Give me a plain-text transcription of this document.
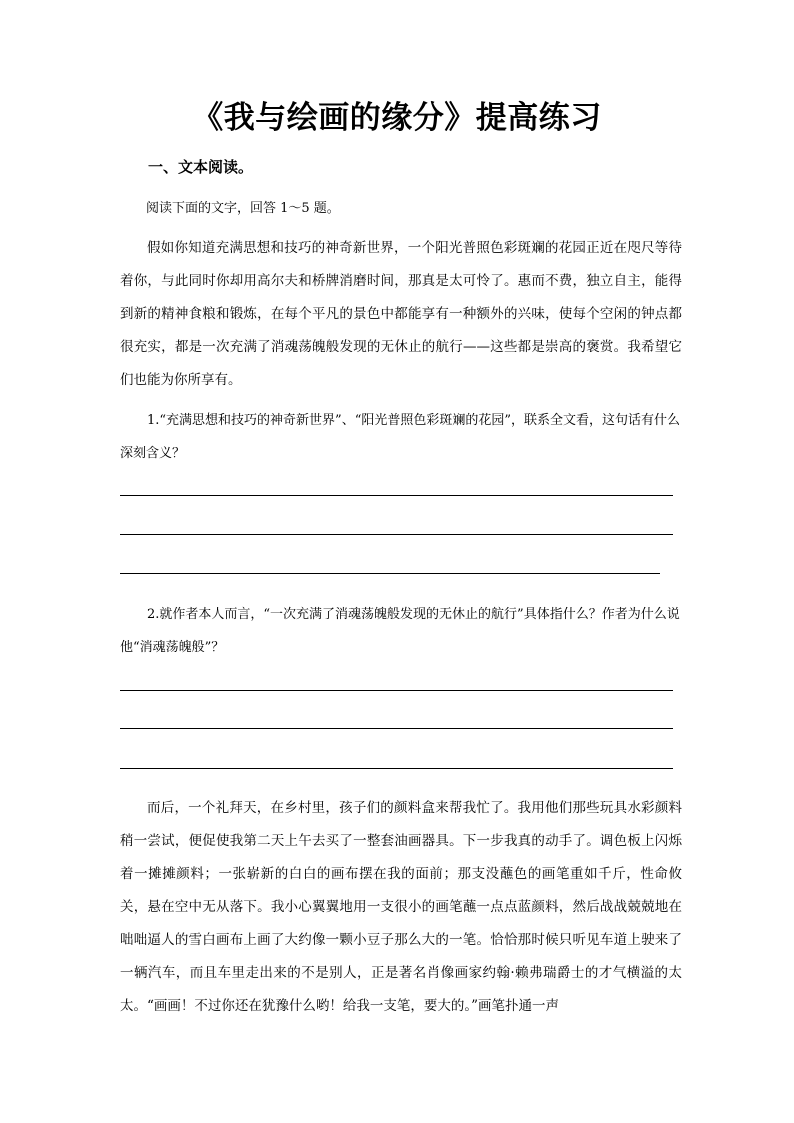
《我与绘画的缘分》提高练习
一、文本阅读。
阅读下面的文字，回答 1～5 题。

假如你知道充满思想和技巧的神奇新世界，一个阳光普照色彩斑斓的花园正近在咫尺等待着你，与此同时你却用高尔夫和桥牌消磨时间，那真是太可怜了。惠而不费，独立自主，能得到新的精神食粮和锻炼，在每个平凡的景色中都能享有一种额外的兴味，使每个空闲的钟点都很充实，都是一次充满了消魂荡魄般发现的无休止的航行——这些都是崇高的褒赏。我希望它们也能为你所享有。

1.“充满思想和技巧的神奇新世界”、“阳光普照色彩斑斓的花园”，联系全文看，这句话有什么深刻含义？

2.就作者本人而言，“一次充满了消魂荡魄般发现的无休止的航行”具体指什么？作者为什么说他“消魂荡魄般”？

而后，一个礼拜天，在乡村里，孩子们的颜料盒来帮我忙了。我用他们那些玩具水彩颜料稍一尝试，便促使我第二天上午去买了一整套油画器具。下一步我真的动手了。调色板上闪烁着一摊摊颜料；一张崭新的白白的画布摆在我的面前；那支没蘸色的画笔重如千斤，性命攸关，悬在空中无从落下。我小心翼翼地用一支很小的画笔蘸一点点蓝颜料，然后战战兢兢地在咄咄逼人的雪白画布上画了大约像一颗小豆子那么大的一笔。恰恰那时候只听见车道上驶来了一辆汽车，而且车里走出来的不是别人，正是著名肖像画家约翰·赖弗瑞爵士的才气横溢的太太。“画画！不过你还在犹豫什么哟！给我一支笔，要大的。”画笔扑通一声
